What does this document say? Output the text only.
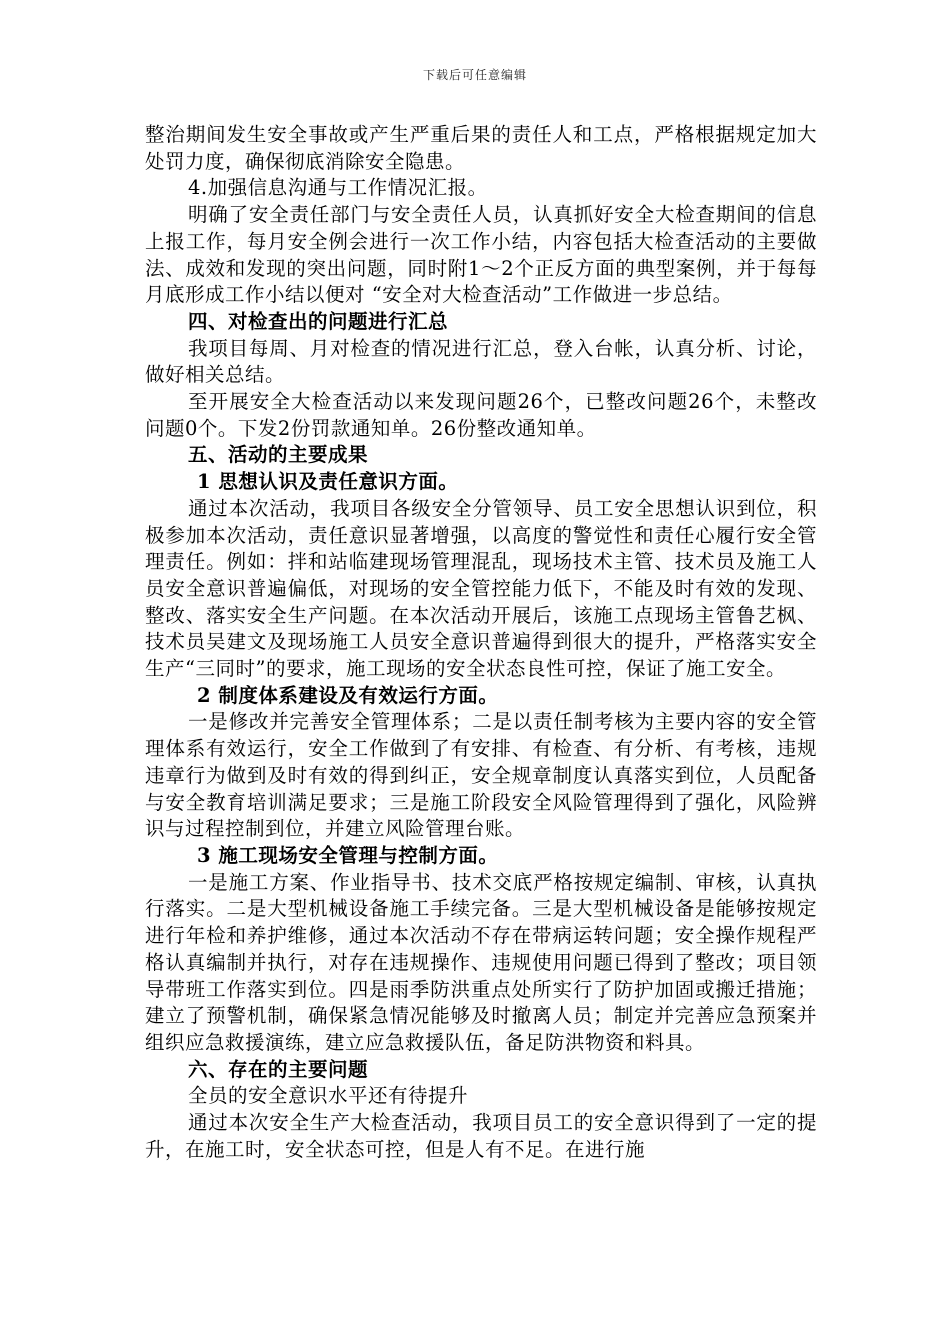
下载后可任意编辑

整治期间发生安全事故或产生严重后果的责任人和工点，严格根据规定加大处罚力度，确保彻底消除安全隐患。

4.加强信息沟通与工作情况汇报。

明确了安全责任部门与安全责任人员，认真抓好安全大检查期间的信息上报工作，每月安全例会进行一次工作小结，内容包括大检查活动的主要做法、成效和发现的突出问题，同时附1～2个正反方面的典型案例，并于每每月底形成工作小结以便对 “安全对大检查活动”工作做进一步总结。

四、对检查出的问题进行汇总

我项目每周、月对检查的情况进行汇总，登入台帐，认真分析、讨论，做好相关总结。

至开展安全大检查活动以来发现问题26个，已整改问题26个，未整改问题0个。下发2份罚款通知单。26份整改通知单。

五、活动的主要成果

1 思想认识及责任意识方面。

通过本次活动，我项目各级安全分管领导、员工安全思想认识到位，积极参加本次活动，责任意识显著增强，以高度的警觉性和责任心履行安全管理责任。例如：拌和站临建现场管理混乱，现场技术主管、技术员及施工人员安全意识普遍偏低，对现场的安全管控能力低下，不能及时有效的发现、整改、落实安全生产问题。在本次活动开展后，该施工点现场主管鲁艺枫、技术员吴建文及现场施工人员安全意识普遍得到很大的提升，严格落实安全生产“三同时”的要求，施工现场的安全状态良性可控，保证了施工安全。

2 制度体系建设及有效运行方面。

一是修改并完善安全管理体系；二是以责任制考核为主要内容的安全管理体系有效运行，安全工作做到了有安排、有检查、有分析、有考核，违规违章行为做到及时有效的得到纠正，安全规章制度认真落实到位，人员配备与安全教育培训满足要求；三是施工阶段安全风险管理得到了强化，风险辨识与过程控制到位，并建立风险管理台账。

3 施工现场安全管理与控制方面。

一是施工方案、作业指导书、技术交底严格按规定编制、审核，认真执行落实。二是大型机械设备施工手续完备。三是大型机械设备是能够按规定进行年检和养护维修，通过本次活动不存在带病运转问题；安全操作规程严格认真编制并执行，对存在违规操作、违规使用问题已得到了整改；项目领导带班工作落实到位。四是雨季防洪重点处所实行了防护加固或搬迁措施；建立了预警机制，确保紧急情况能够及时撤离人员；制定并完善应急预案并组织应急救援演练，建立应急救援队伍，备足防洪物资和料具。

六、存在的主要问题

全员的安全意识水平还有待提升

通过本次安全生产大检查活动，我项目员工的安全意识得到了一定的提升，在施工时，安全状态可控，但是人有不足。在进行施
